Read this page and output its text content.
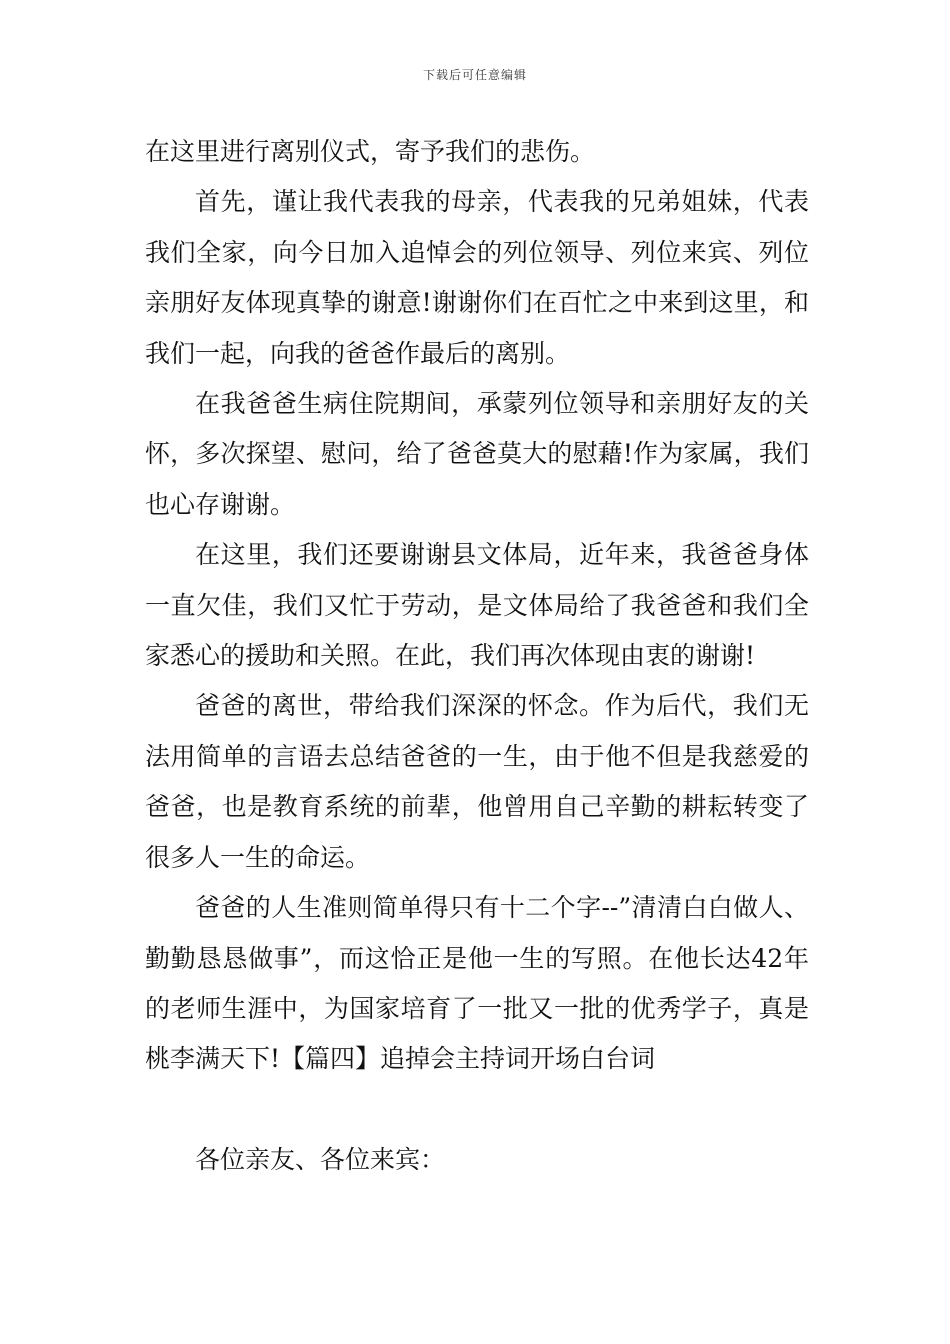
下载后可任意编辑

在这里进行离别仪式，寄予我们的悲伤。

首先，谨让我代表我的母亲，代表我的兄弟姐妹，代表我们全家，向今日加入追悼会的列位领导、列位来宾、列位亲朋好友体现真挚的谢意!谢谢你们在百忙之中来到这里，和我们一起，向我的爸爸作最后的离别。

在我爸爸生病住院期间，承蒙列位领导和亲朋好友的关怀，多次探望、慰问，给了爸爸莫大的慰藉!作为家属，我们也心存谢谢。

在这里，我们还要谢谢县文体局，近年来，我爸爸身体一直欠佳，我们又忙于劳动，是文体局给了我爸爸和我们全家悉心的援助和关照。在此，我们再次体现由衷的谢谢!

爸爸的离世，带给我们深深的怀念。作为后代，我们无法用简单的言语去总结爸爸的一生，由于他不但是我慈爱的爸爸，也是教育系统的前辈，他曾用自己辛勤的耕耘转变了很多人一生的命运。

爸爸的人生准则简单得只有十二个字--”清清白白做人、勤勤恳恳做事”，而这恰正是他一生的写照。在他长达42年的老师生涯中，为国家培育了一批又一批的优秀学子，真是桃李满天下!【篇四】追掉会主持词开场白台词

各位亲友、各位来宾：
